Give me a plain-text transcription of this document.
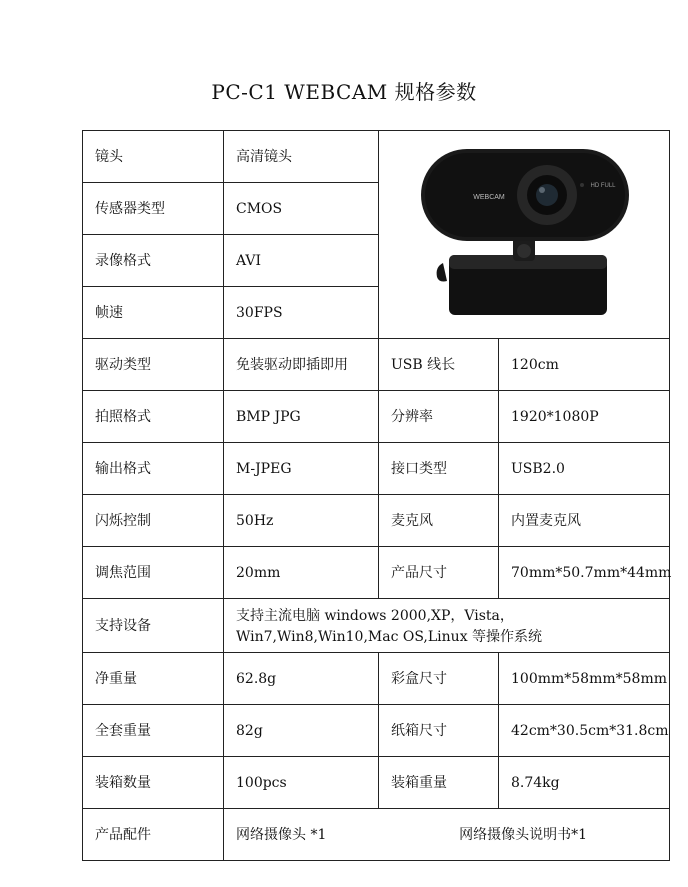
PC-C1 WEBCAM 规格参数
镜头	高清镜头	WEBCAM
HD FULL	

传感器类型	CMOS		
录像格式	AVI		
帧速	30FPS		
驱动类型	免装驱动即插即用	USB 线长	120cm
拍照格式	BMP JPG	分辨率	1920*1080P
输出格式	M-JPEG	接口类型	USB2.0
闪烁控制	50Hz	麦克风	内置麦克风
调焦范围	20mm	产品尺寸	70mm*50.7mm*44mm
支持设备	支持主流电脑 windows 2000,XP，Vista，Win7,Win8,Win10,Mac OS,Linux 等操作系统		
净重量	62.8g	彩盒尺寸	100mm*58mm*58mm
全套重量	82g	纸箱尺寸	42cm*30.5cm*31.8cm
装箱数量	100pcs	装箱重量	8.74kg
产品配件	网络摄像头 *1 网络摄像头说明书*1		
